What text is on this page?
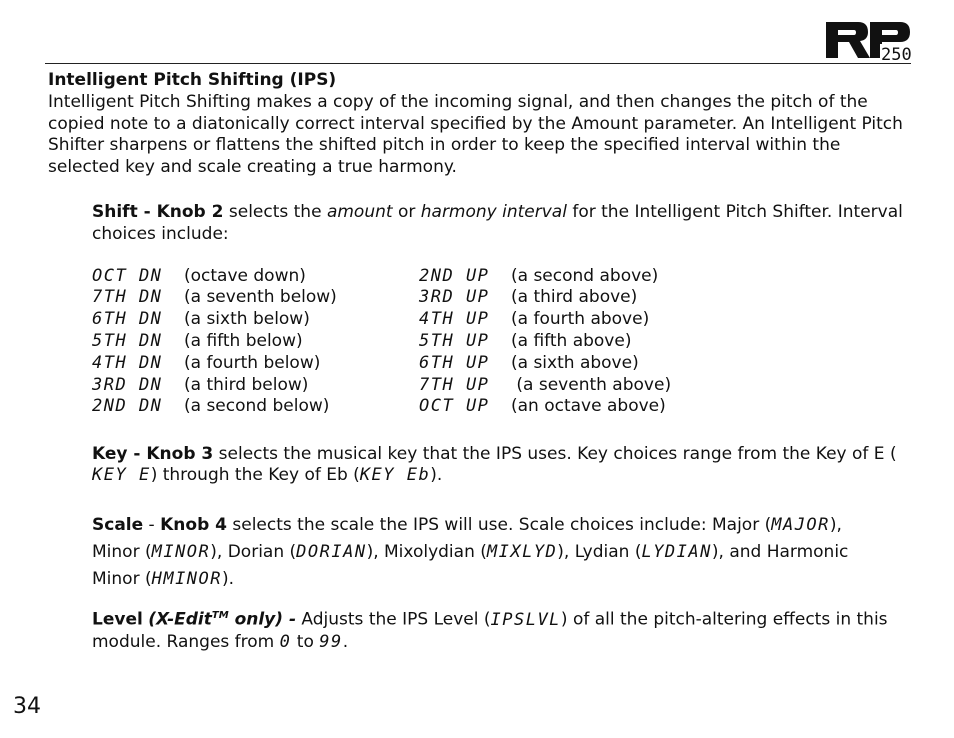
250

Intelligent Pitch Shifting (IPS)

Intelligent Pitch Shifting makes a copy of the incoming signal, and then changes the pitch of the copied note to a diatonically correct interval specified by the Amount parameter. An Intelligent Pitch Shifter sharpens or flattens the shifted pitch in order to keep the specified interval within the selected key and scale creating a true harmony.

Shift - Knob 2 selects the amount or harmony interval for the Intelligent Pitch Shifter. Interval choices include:

OCT DN (octave down)
7TH DN (a seventh below)
6TH DN (a sixth below)
5TH DN (a fifth below)
4TH DN (a fourth below)
3RD DN (a third below)
2ND DN (a second below)
2ND UP (a second above)
3RD UP (a third above)
4TH UP (a fourth above)
5TH UP (a fifth above)
6TH UP (a sixth above)
7TH UP (a seventh above)
OCT UP (an octave above)

Key - Knob 3 selects the musical key that the IPS uses. Key choices range from the Key of E (KEY E) through the Key of Eb (KEY Eb).

Scale - Knob 4 selects the scale the IPS will use. Scale choices include: Major (MAJOR),

Minor (MINOR), Dorian (DORIAN), Mixolydian (MIXLYD), Lydian (LYDIAN), and Harmonic

Minor (HMINOR).

Level (X-Edit™ only) - Adjusts the IPS Level (IPSLVL) of all the pitch-altering effects in this module. Ranges from 0 to 99.

34
